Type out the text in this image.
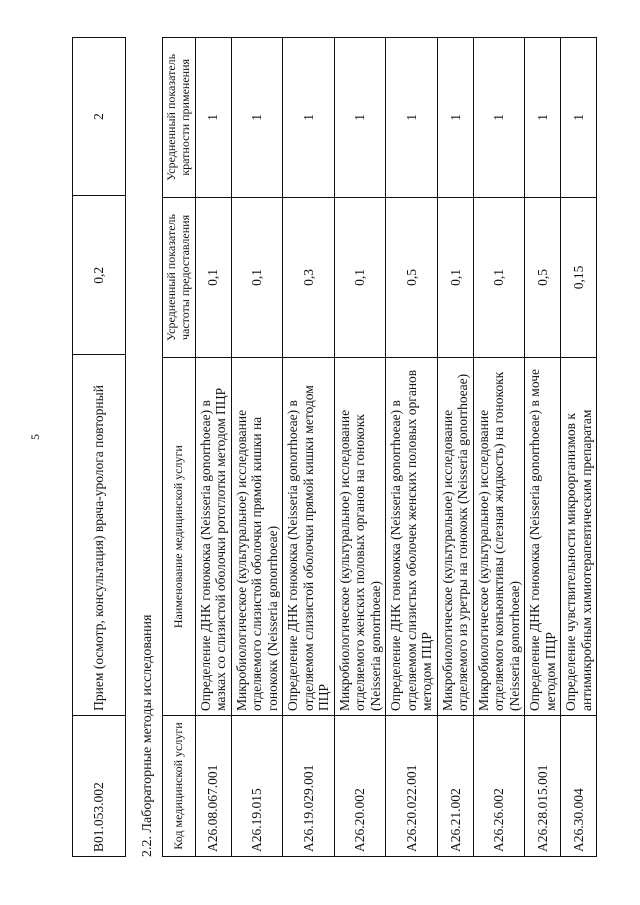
5
B01.053.002	Прием (осмотр, консультация) врача-уролога повторный	0,2	2
2.2. Лабораторные методы исследования Код медицинской услуги	Наименование медицинской услуги	Усредненный показатель частоты предоставления	Усредненный показатель кратности применения
A26.08.067.001	Определение ДНК гонококка (Neisseria gonorrhoeae) в мазках со слизистой оболочки ротоглотки методом ПЦР	0,1	1
A26.19.015	Микробиологическое (культуральное) исследование отделяемого слизистой оболочки прямой кишки на гонококк (Neisseria gonorrhoeae)	0,1	1
A26.19.029.001	Определение ДНК гонококка (Neisseria gonorrhoeae) в отделяемом слизистой оболочки прямой кишки методом ПЦР	0,3	1
A26.20.002	Микробиологическое (культуральное) исследование отделяемого женских половых органов на гонококк (Neisseria gonorrhoeae)	0,1	1
A26.20.022.001	Определение ДНК гонококка (Neisseria gonorrhoeae) в отделяемом слизистых оболочек женских половых органов методом ПЦР	0,5	1
A26.21.002	Микробиологическое (культуральное) исследование отделяемого из уретры на гонококк (Neisseria gonorrhoeae)	0,1	1
A26.26.002	Микробиологическое (культуральное) исследование отделяемого конъюнктивы (слезная жидкость) на гонококк (Neisseria gonorrhoeae)	0,1	1
A26.28.015.001	Определение ДНК гонококка (Neisseria gonorrhoeae) в моче методом ПЦР	0,5	1
A26.30.004	Определение чувствительности микроорганизмов к антимикробным химиотерапевтическим препаратам	0,15	1
